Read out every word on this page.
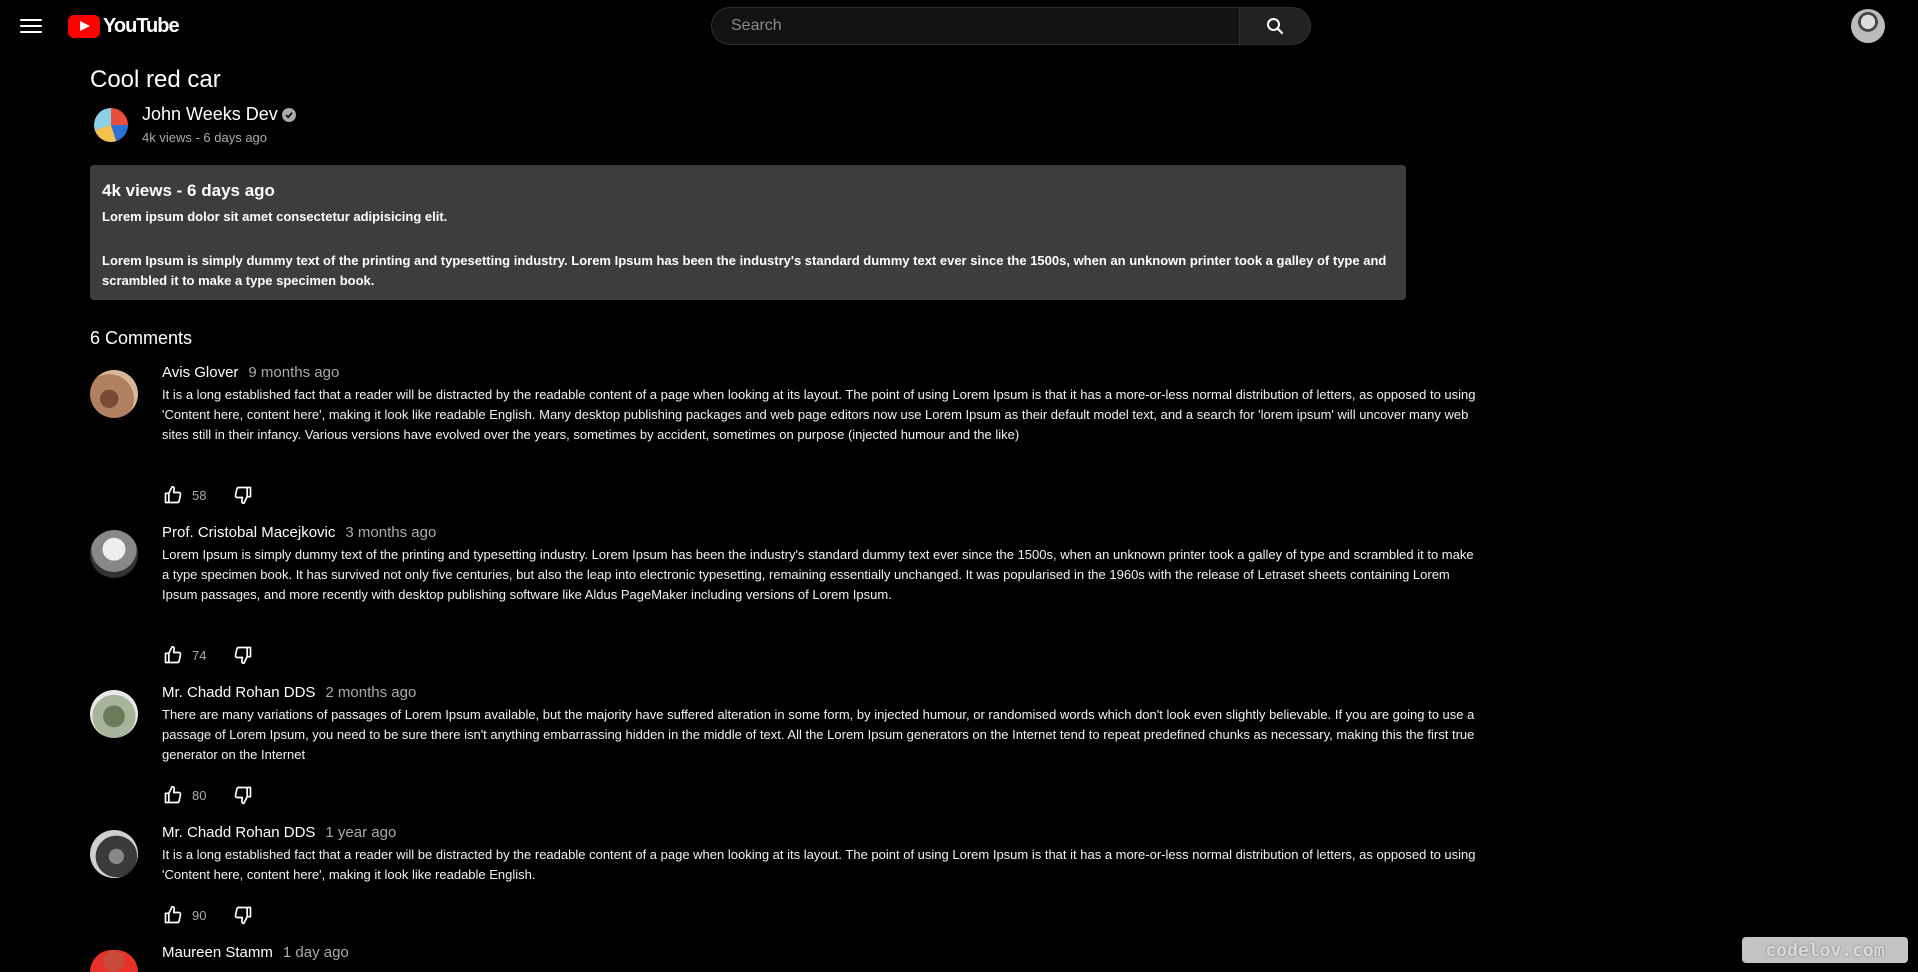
YouTube
Search
Cool red car
John Weeks Dev
4k views - 6 days ago
4k views - 6 days ago
Lorem ipsum dolor sit amet consectetur adipisicing elit.
Lorem Ipsum is simply dummy text of the printing and typesetting industry. Lorem Ipsum has been the industry's standard dummy text ever since the 1500s, when an unknown printer took a galley of type and scrambled it to make a type specimen book.
6 Comments
Avis Glover 9 months ago
It is a long established fact that a reader will be distracted by the readable content of a page when looking at its layout. The point of using Lorem Ipsum is that it has a more-or-less normal distribution of letters, as opposed to using 'Content here, content here', making it look like readable English. Many desktop publishing packages and web page editors now use Lorem Ipsum as their default model text, and a search for 'lorem ipsum' will uncover many web sites still in their infancy. Various versions have evolved over the years, sometimes by accident, sometimes on purpose (injected humour and the like)
58
Prof. Cristobal Macejkovic 3 months ago
Lorem Ipsum is simply dummy text of the printing and typesetting industry. Lorem Ipsum has been the industry's standard dummy text ever since the 1500s, when an unknown printer took a galley of type and scrambled it to make a type specimen book. It has survived not only five centuries, but also the leap into electronic typesetting, remaining essentially unchanged. It was popularised in the 1960s with the release of Letraset sheets containing Lorem Ipsum passages, and more recently with desktop publishing software like Aldus PageMaker including versions of Lorem Ipsum.
74
Mr. Chadd Rohan DDS 2 months ago
There are many variations of passages of Lorem Ipsum available, but the majority have suffered alteration in some form, by injected humour, or randomised words which don't look even slightly believable. If you are going to use a passage of Lorem Ipsum, you need to be sure there isn't anything embarrassing hidden in the middle of text. All the Lorem Ipsum generators on the Internet tend to repeat predefined chunks as necessary, making this the first true generator on the Internet
80
Mr. Chadd Rohan DDS 1 year ago
It is a long established fact that a reader will be distracted by the readable content of a page when looking at its layout. The point of using Lorem Ipsum is that it has a more-or-less normal distribution of letters, as opposed to using 'Content here, content here', making it look like readable English.
90
Maureen Stamm 1 day ago	codelov.com
